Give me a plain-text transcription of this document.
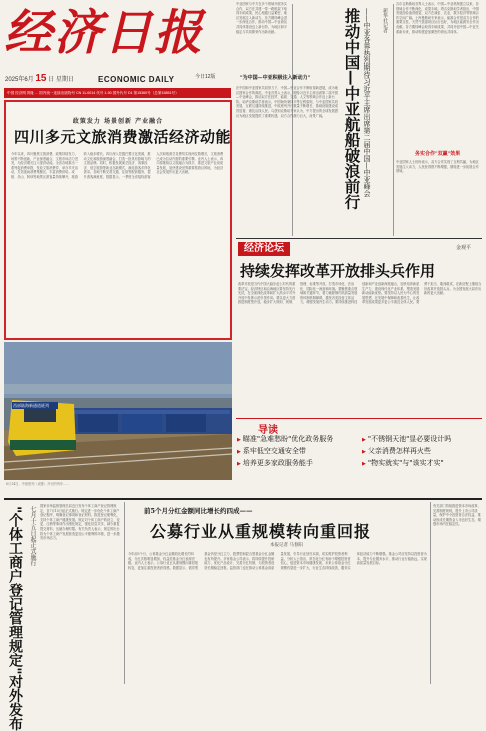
经济日报
2025年6月 15 日 星期日	ECONOMIC DAILY	今日12版
中国 经济网 网址 ... 国内统一连续出版物号 CN 11-0014 代号 1-90 国外代号 D1 第15360号（总第15851号）
中亚国家与中方在多个领域开展务实合作，双方在共建一带一路框架下取得丰硕成果，民心相通日益紧密，地区发展注入新动力。各方期待峰会进一步深化合作，推动中国—中亚命运共同体建设迈上新台阶，为地区和平稳定与共同繁荣作出新贡献。	推动中国—中亚航船破浪前行 ——中亚各界热烈期待习近平主席出席第二届中国—中亚峰会 新华社记者
在中国和中亚国家共同努力下，中国—中亚合作不断取得新进展，成为地区国家合作的典范。中亚各界人士表示，期待习近平主席出席第二届中国—中亚峰会，推动双方在经贸、能源、交通、人文等领域合作迈上新台阶。哈萨克斯坦学者表示，中国始终秉持平等互利原则，与中亚国家共同发展，互联互通持续推进，中欧班列开行数量不断增长，基础设施建设成效显著，惠及沿线人民。乌兹别克斯坦专家认为，中方提出的全球发展倡议为地区发展提供了重要机遇，双方合作潜力巨大，前景广阔。
"为中国—中亚积极注入新动力"
吉尔吉斯斯坦各界人士表示，中国—中亚机制建立以来，各领域合作不断深化，成果丰硕。塔吉克斯坦学者指出，中国发展经验值得借鉴，双方在减贫、农业、数字经济等领域合作空间广阔。土库曼斯坦专家表示，能源合作是双方合作的重要支柱，天然气管道项目运行良好，为地区能源安全作出贡献。各方期待峰会取得丰硕成果，共同开创中国—中亚关系新未来，推动构建更加紧密的命运共同体。
务实合作"双赢"效果
中亚国家人士纷纷表示，双方合作实现了互利共赢，为地区发展注入动力，人民获得感不断增强，期待进一步拓展合作领域。
经济论坛	金观平
持续发挥改革开放排头兵作用
改革开放是当代中国大踏步赶上时代的重要法宝。经济特区和沿海地区要坚持先行先试，在全面深化改革和扩大高水平对外开放中发挥示范引领作用。要以更大力度推进制度型开放，稳步扩大规则、规制、管理、标准等开放，打造市场化、法治化、国际化一流营商环境。要聚焦重点领域和关键环节，着力破除制约高质量发展的体制机制障碍，激发各类经营主体活力，增强发展内生动力。要持续推进科技创新和产业创新深度融合，加快培育新质生产力，建设现代化产业体系，塑造发展新动能新优势。要坚持以人民为中心的发展思想，在发展中保障和改善民生，让改革发展成果更多更公平惠及全体人民。要勇于担当、敢闯敢试，在新征程上继续当好改革开放排头兵，为全国发展大局作出新的更大贡献。
导读
▶ 瞄准"急难愁盼"优化政务服务	▶ "不锈钢天池"显必要设计吗
▶ 系牢低空交通安全带	▶ 父亲消费怎样再火些
▶ 培养更多家政服务能手	▶ "物实就实"与"该实才实"
政策发力 场景创新 产业融合
四川多元文旅消费激活经济动能
今年以来，四川聚焦文旅消费，政策持续发力，场景不断创新，产业深度融合，文旅市场活力迸发，为经济增长注入强劲动能。全省各地推出一系列促消费举措，发放文旅消费券，举办节庆活动，打造夜间消费集聚区，丰富消费供给。成都、乐山、阿坝等地景区游客量持续攀升，旅游收入稳步增长。四川深入挖掘巴蜀文化资源，推动文化和旅游深度融合，打造一批具有影响力的文旅品牌。同时，积极发展演艺经济、赛事经济、低空旅游等新业态新模式，满足游客多样化需求。各地不断完善交通、住宿等配套服务，提升游客满意度。数据显示，一季度全省接待游客人次和旅游总花费均实现两位数增长，文旅消费已成为拉动内需的重要引擎。业内人士表示，四川将继续以文旅融合为抓手，推进文旅产业高质量发展，加快建设世界重要旅游目的地，为经济社会发展作出更大贡献。
西部陆海新通道班列
6月14日，中欧班列（成都）开行的列车……
"个体工商户登记管理规定"对外发布 七月十五日起正式施行	国家市场监督管理总局近日发布个体工商户登记管理规定，自7月15日起正式施行。规定进一步优化个体工商户登记程序，明确登记事项和登记材料，推进登记便利化，支持个体工商户健康发展。规定对个体工商户的设立、变更、注销等事项作出细化规定，强化信息共享，减少重复提交材料，压缩办理时限。有关负责人表示，规定的出台将为个体工商户发展营造更加公平便利的环境，进一步激发市场活力。
前5个月分红金额同比增长约四成——
公募行业从重规模转向重回报
本报记者 马春阳
今年前5个月，公募基金分红金额同比增长约四成，分红次数明显增加，权益类基金分红表现亮眼。业内人士表示，公募行业正从重规模向重回报转变，更加注重投资者获得感。数据显示，债券型基金仍是分红主力，股票型和混合型基金分红金额也有所提升。多家基金公司表示，将持续提升投研能力，优化产品设计，完善分红机制，为投资者创造长期稳定回报。监管部门也在推动公募基金高质量发展，引导行业回归本源，切实维护投资者利益。分析人士指出，常态化分红有助于增强投资者信心，促进资本市场健康发展，未来公募基金分红规模有望进一步扩大，行业生态持续改善，服务实体经济能力不断增强。基金公司应坚持以投资者为本，提升专业服务水平，推动行业行稳致远，实现高质量发展目标。
有关部门持续推进资本市场改革，完善制度规则，提升上市公司质量，保护中小投资者合法权益，推动形成长期资金入市良好生态，增强市场内在稳定性。
